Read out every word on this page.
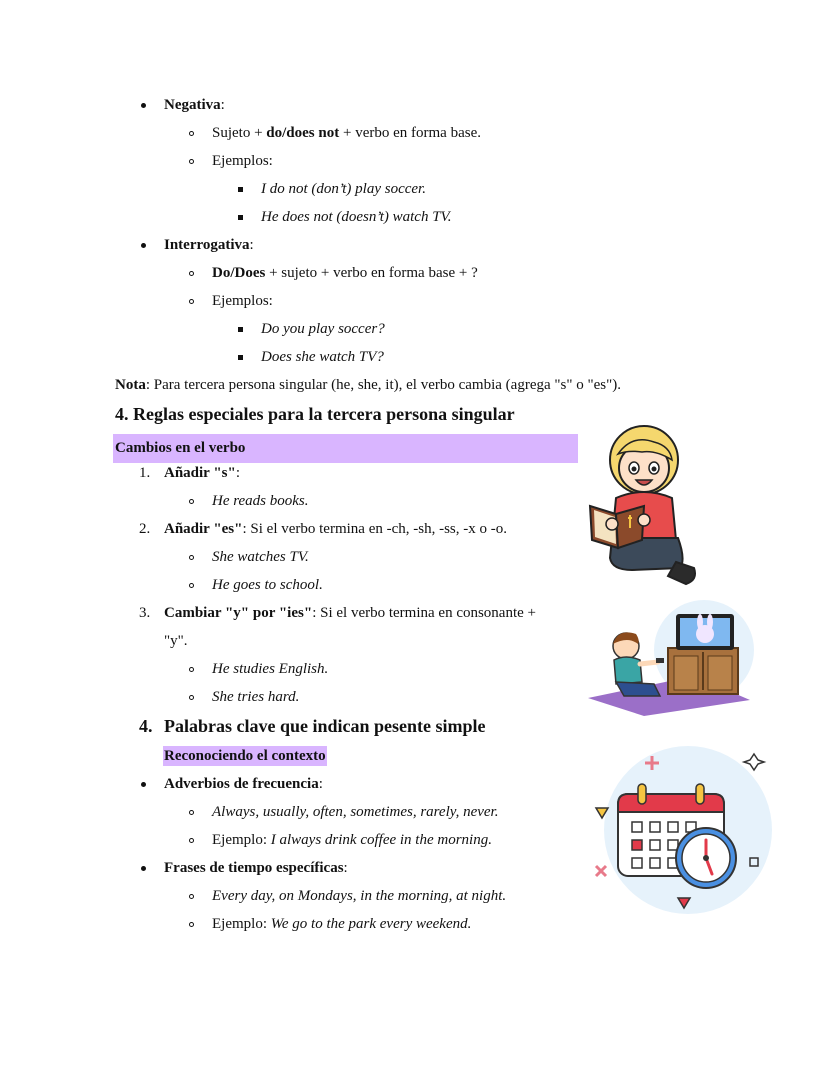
Negativa:
Sujeto + do/does not + verbo en forma base.
Ejemplos:
I do not (don’t) play soccer.
He does not (doesn’t) watch TV.
Interrogativa:
Do/Does + sujeto + verbo en forma base + ?
Ejemplos:
Do you play soccer?
Does she watch TV?
Nota: Para tercera persona singular (he, she, it), el verbo cambia (agrega "s" o "es").
4. Reglas especiales para la tercera persona singular
Cambios en el verbo
1. Añadir "s":
He reads books.
2. Añadir "es": Si el verbo termina en -ch, -sh, -ss, -x o -o.
She watches TV.
He goes to school.
3. Cambiar "y" por "ies": Si el verbo termina en consonante +
"y".
He studies English.
She tries hard.
4. Palabras clave que indican pesente simple
Reconociendo el contexto
Adverbios de frecuencia:
Always, usually, often, sometimes, rarely, never.
Ejemplo: I always drink coffee in the morning.
Frases de tiempo específicas:
Every day, on Mondays, in the morning, at night.
Ejemplo: We go to the park every weekend.
